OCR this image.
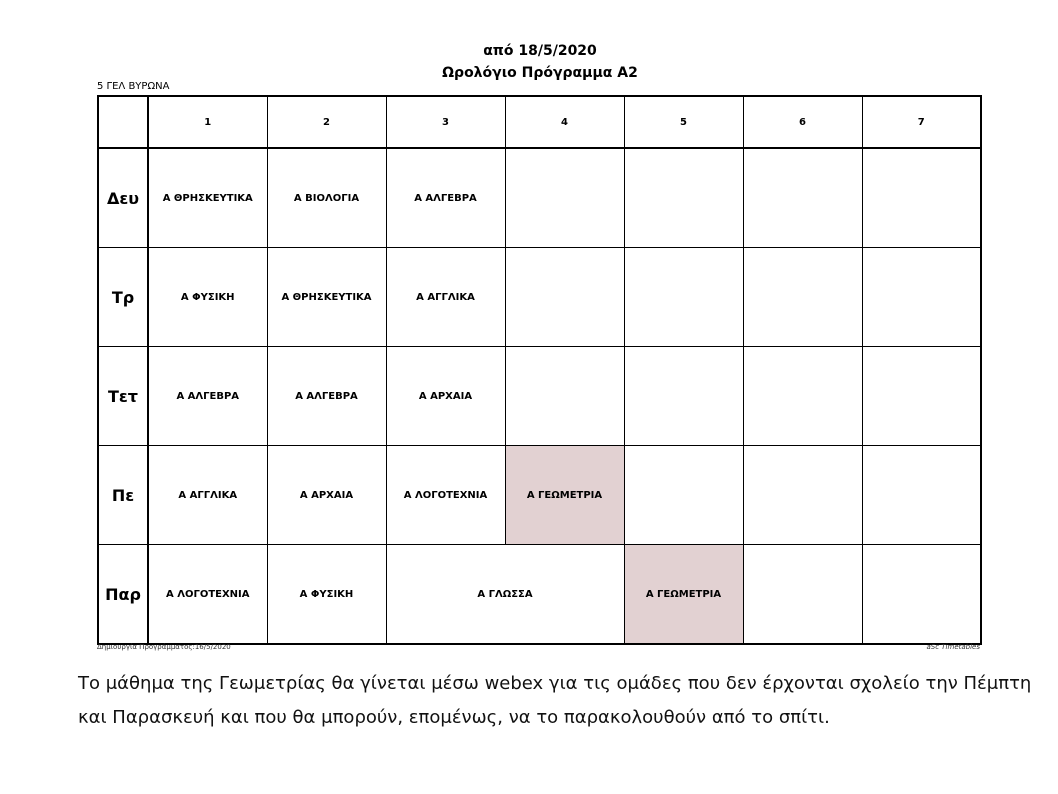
5 ΓΕΛ ΒΥΡΩΝΑ
από 18/5/2020
Ωρολόγιο Πρόγραμμα Α2
	1	2	3	4	5	6	7
Δευ	Α ΘΡΗΣΚΕΥΤΙΚΑ	Α ΒΙΟΛΟΓΙΑ	Α ΑΛΓΕΒΡΑ				
Τρ	Α ΦΥΣΙΚΗ	Α ΘΡΗΣΚΕΥΤΙΚΑ	Α ΑΓΓΛΙΚΑ				
Τετ	Α ΑΛΓΕΒΡΑ	Α ΑΛΓΕΒΡΑ	Α ΑΡΧΑΙΑ				
Πε	Α ΑΓΓΛΙΚΑ	Α ΑΡΧΑΙΑ	Α ΛΟΓΟΤΕΧΝΙΑ	Α ΓΕΩΜΕΤΡΙΑ			
Παρ	Α ΛΟΓΟΤΕΧΝΙΑ	Α ΦΥΣΙΚΗ	Α ΓΛΩΣΣΑ		Α ΓΕΩΜΕΤΡΙΑ		
Δημιουργία Προγράμματος:16/5/2020	aSc Timetables
Το μάθημα της Γεωμετρίας θα γίνεται μέσω webex για τις ομάδες που δεν έρχονται σχολείο την Πέμπτη και Παρασκευή και που θα μπορούν, επομένως, να το παρακολουθούν από το σπίτι.
